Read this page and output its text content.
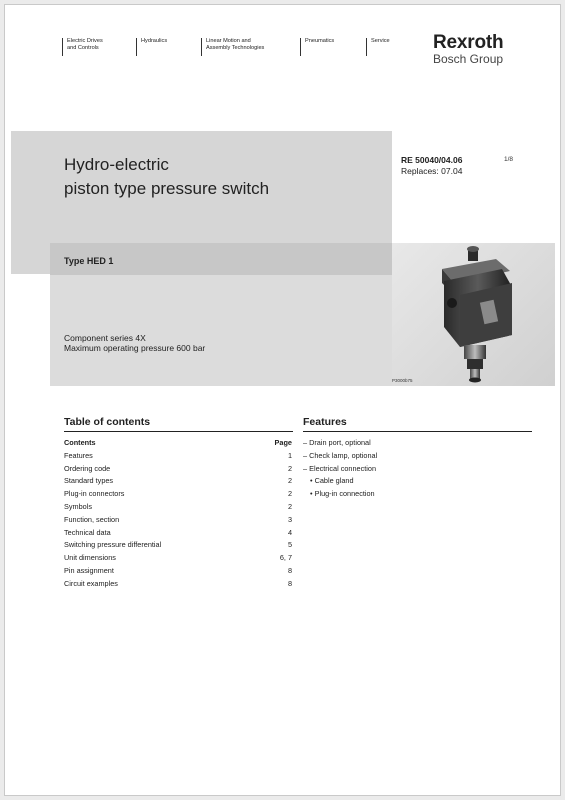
Electric Drives
and Controls
Hydraulics	Linear Motion and
Assembly Technologies
Pneumatics	Service Rexroth
Bosch Group
Hydro-electric
piston type pressure switch
RE 50040/04.06
Replaces: 07.04
1/8
Type HED 1
Component series 4X
Maximum operating pressure 600 bar
P3000b75
Table of contents
Contents	Page
Features	1
Ordering code	2
Standard types	2
Plug-in connectors	2
Symbols	2
Function, section	3
Technical data	4
Switching pressure differential	5
Unit dimensions	6, 7
Pin assignment	8
Circuit examples	8
Features
– Drain port, optional
– Check lamp, optional
– Electrical connection
• Cable gland
• Plug-in connection
